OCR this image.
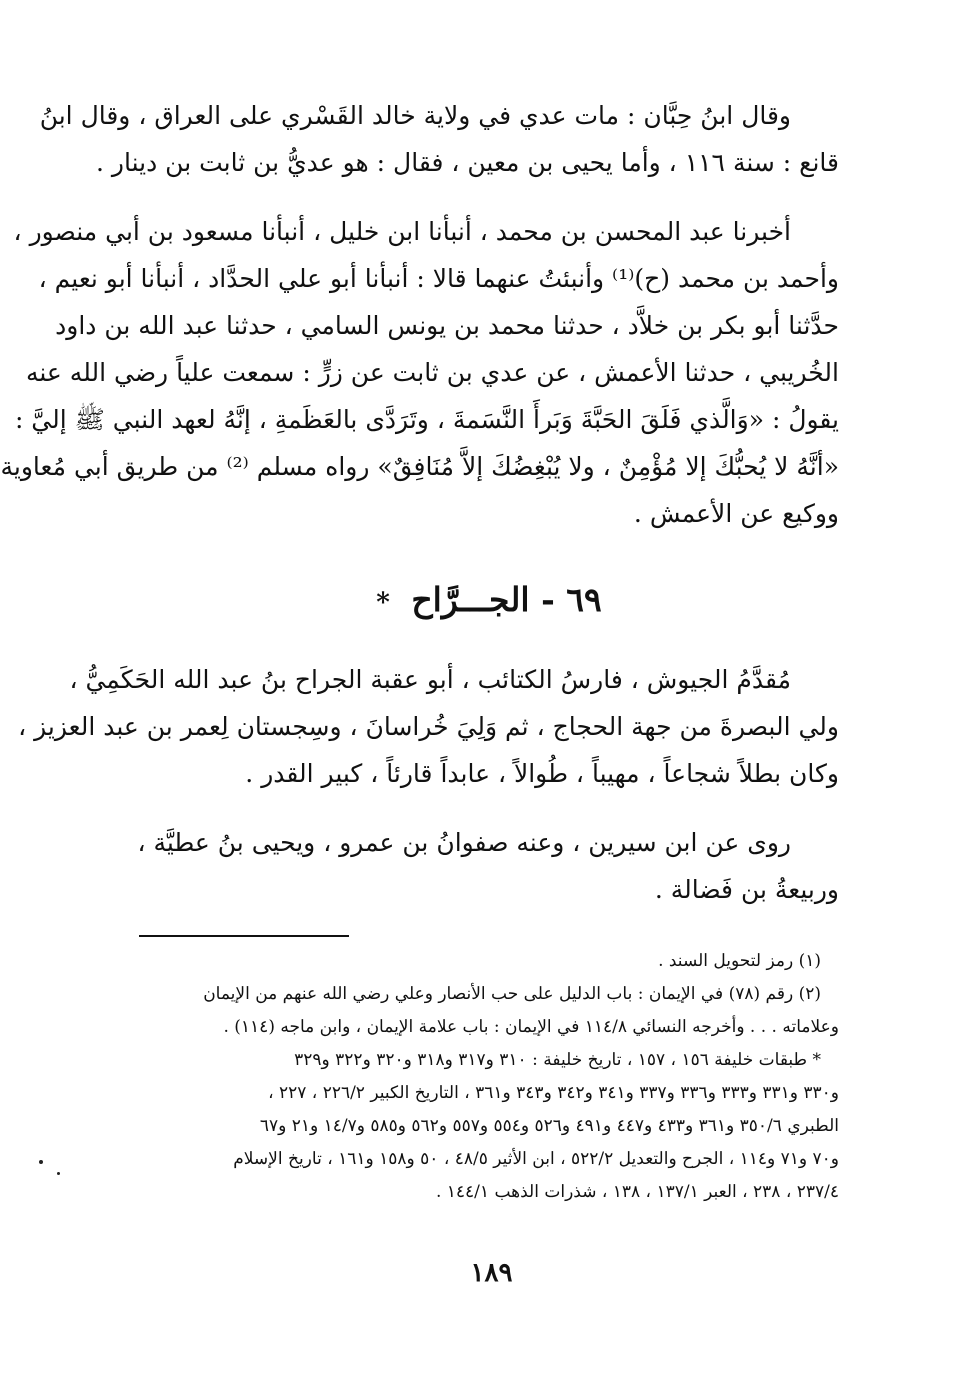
وقال ابنُ حِبَّان : مات عدي في ولاية خالد القَسْري على العراق ، وقال ابنُ
قانع : سنة ١١٦ ، وأما يحيى بن معين ، فقال : هو عديُّ بن ثابت بن دينار .

أخبرنا عبد المحسن بن محمد ، أنبأنا ابن خليل ، أنبأنا مسعود بن أبي منصور ،
وأحمد بن محمد (ح)⁽¹⁾ وأنبئتُ عنهما قالا : أنبأنا أبو علي الحدَّاد ، أنبأنا أبو نعيم ،
حدَّثنا أبو بكر بن خلاَّد ، حدثنا محمد بن يونس السامي ، حدثنا عبد الله بن داود
الخُريبي ، حدثنا الأعمش ، عن عدي بن ثابت عن زرٍّ : سمعت علياً رضي الله عنه
يقولُ : «وَالَّذي فَلَقَ الحَبَّةَ وَبَرأَ النَّسَمةَ ، وتَرَدَّى بالعَظَمةِ ، إنَّهُ لعهد النبي ﷺ إليَّ :
«أنَّهُ لا يُحبُّكَ إلا مُؤْمِنٌ ، ولا يُبْغِضُكَ إلاَّ مُنَافِقٌ» رواه مسلم ⁽²⁾ من طريق أبي مُعاوية
ووكيع عن الأعمش .

٦٩ - الجـــرَّاح *

مُقدَّمُ الجيوش ، فارسُ الكتائب ، أبو عقبة الجراح بنُ عبد الله الحَكَمِيُّ ،
ولي البصرةَ من جهة الحجاج ، ثم وَلِيَ خُراسانَ ، وسِجستان لِعمر بن عبد العزيز ،
وكان بطلاً شجاعاً ، مهيباً ، طُوالاً ، عابداً قارئاً ، كبير القدر .

روى عن ابن سيرين ، وعنه صفوانُ بن عمرو ، ويحيى بنُ عطيَّة ،
وربيعةُ بن فَضالة .

(١) رمز لتحويل السند .
(٢) رقم (٧٨) في الإيمان : باب الدليل على حب الأنصار وعلي رضي الله عنهم من الإيمان
وعلاماته . . . وأخرجه النسائي ١١٤/٨ في الإيمان : باب علامة الإيمان ، وابن ماجه (١١٤) .
* طبقات خليفة ١٥٦ ، ١٥٧ ، تاريخ خليفة : ٣١٠ و٣١٧ و٣١٨ و٣٢٠ و٣٢٢ و٣٢٩
و٣٣٠ و٣٣١ و٣٣٣ و٣٣٦ و٣٣٧ و٣٤١ و٣٤٢ و٣٤٣ و٣٦١ ، التاريخ الكبير ٢٢٦/٢ ، ٢٢٧ ،
الطبري ٣٥٠/٦ و٣٦١ و٤٣٣ و٤٤٧ و٤٩١ و٥٢٦ و٥٥٤ و٥٥٧ و٥٦٢ و٥٨٥ و١٤/٧ و٢١ و٦٧
و٧٠ و٧١ و١١٤ ، الجرح والتعديل ٥٢٢/٢ ، ابن الأثير ٤٨/٥ ، ٥٠ و١٥٨ و١٦١ ، تاريخ الإسلام
٢٣٧/٤ ، ٢٣٨ ، العبر ١٣٧/١ ، ١٣٨ ، شذرات الذهب ١٤٤/١ .
١٨٩
